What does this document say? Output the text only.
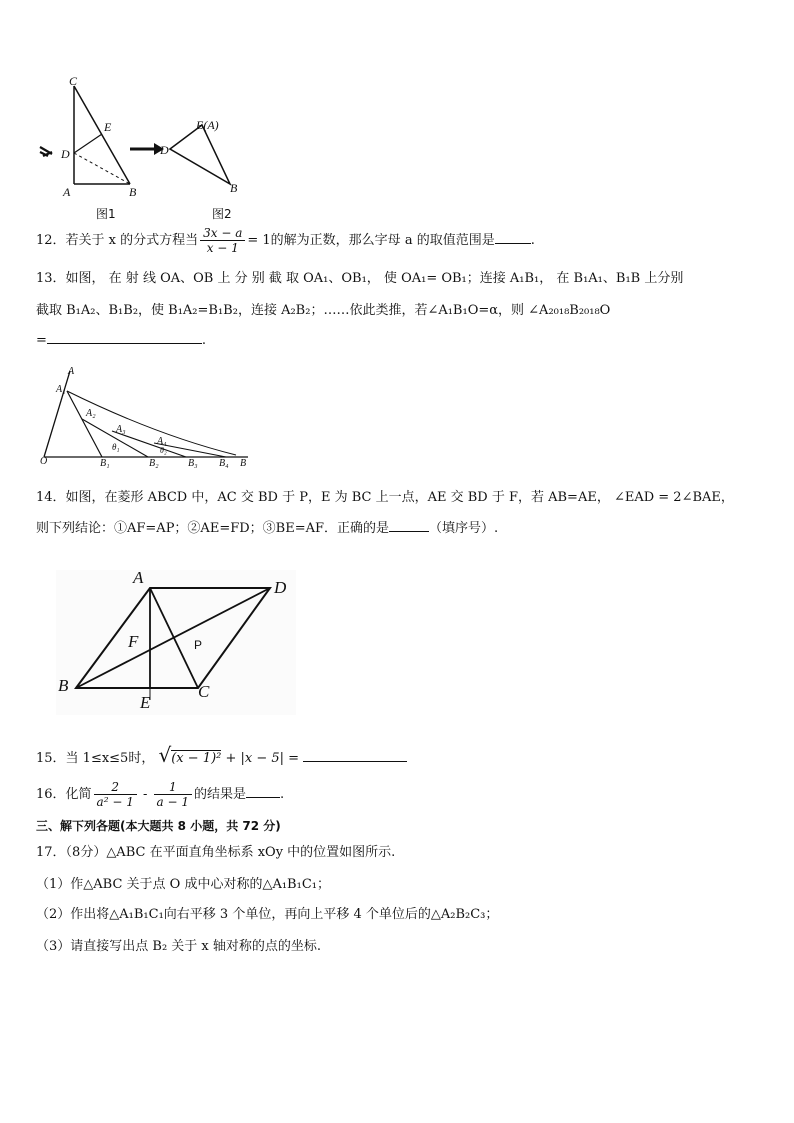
C
E
D
A	B
图1
E(A)
D
B
图2
12．若关于 x 的分式方程当 $\frac{3x - a}{x - 1} = 1$的解为正数，那么字母 a 的取值范围是	.
13．如图， 在 射 线 OA、OB 上 分 别 截 取 OA₁、OB₁， 使 OA₁= OB₁；连接 A₁B₁， 在 B₁A₁、B₁B 上分别
截取 B₁A₂、B₁B₂，使 B₁A₂=B₁B₂，连接 A₂B₂；……依此类推，若∠A₁B₁O=α，则 ∠A₂₀₁₈B₂₀₁₈O
=	.
A
A₁
A₂
A₃
A₄
θ₁	θ₂
O	B₁	B₂	B₃ B₄ B
14．如图，在菱形 ABCD 中，AC 交 BD 于 P，E 为 BC 上一点，AE 交 BD 于 F，若 AB=AE， ∠EAD = 2∠BAE，
则下列结论：①AF=AP；②AE=FD；③BE=AF．正确的是	（填序号）.
A
D
F	P
B
E
C
15．当 1≤x≤5时， √(x − 1)² + |x − 5| =
16．化简 $\frac{2}{\text{a² − 1}} - \frac{1}{a - 1}$ 的结果是	.
三、解下列各题(本大题共 8 小题，共 72 分)
17．（8分）△ABC 在平面直角坐标系 xOy 中的位置如图所示.
（1）作△ABC 关于点 O 成中心对称的△A₁B₁C₁；
（2）作出将△A₁B₁C₁向右平移 3 个单位，再向上平移 4 个单位后的△A₂B₂C₃；
（3）请直接写出点 B₂ 关于 x 轴对称的点的坐标.
